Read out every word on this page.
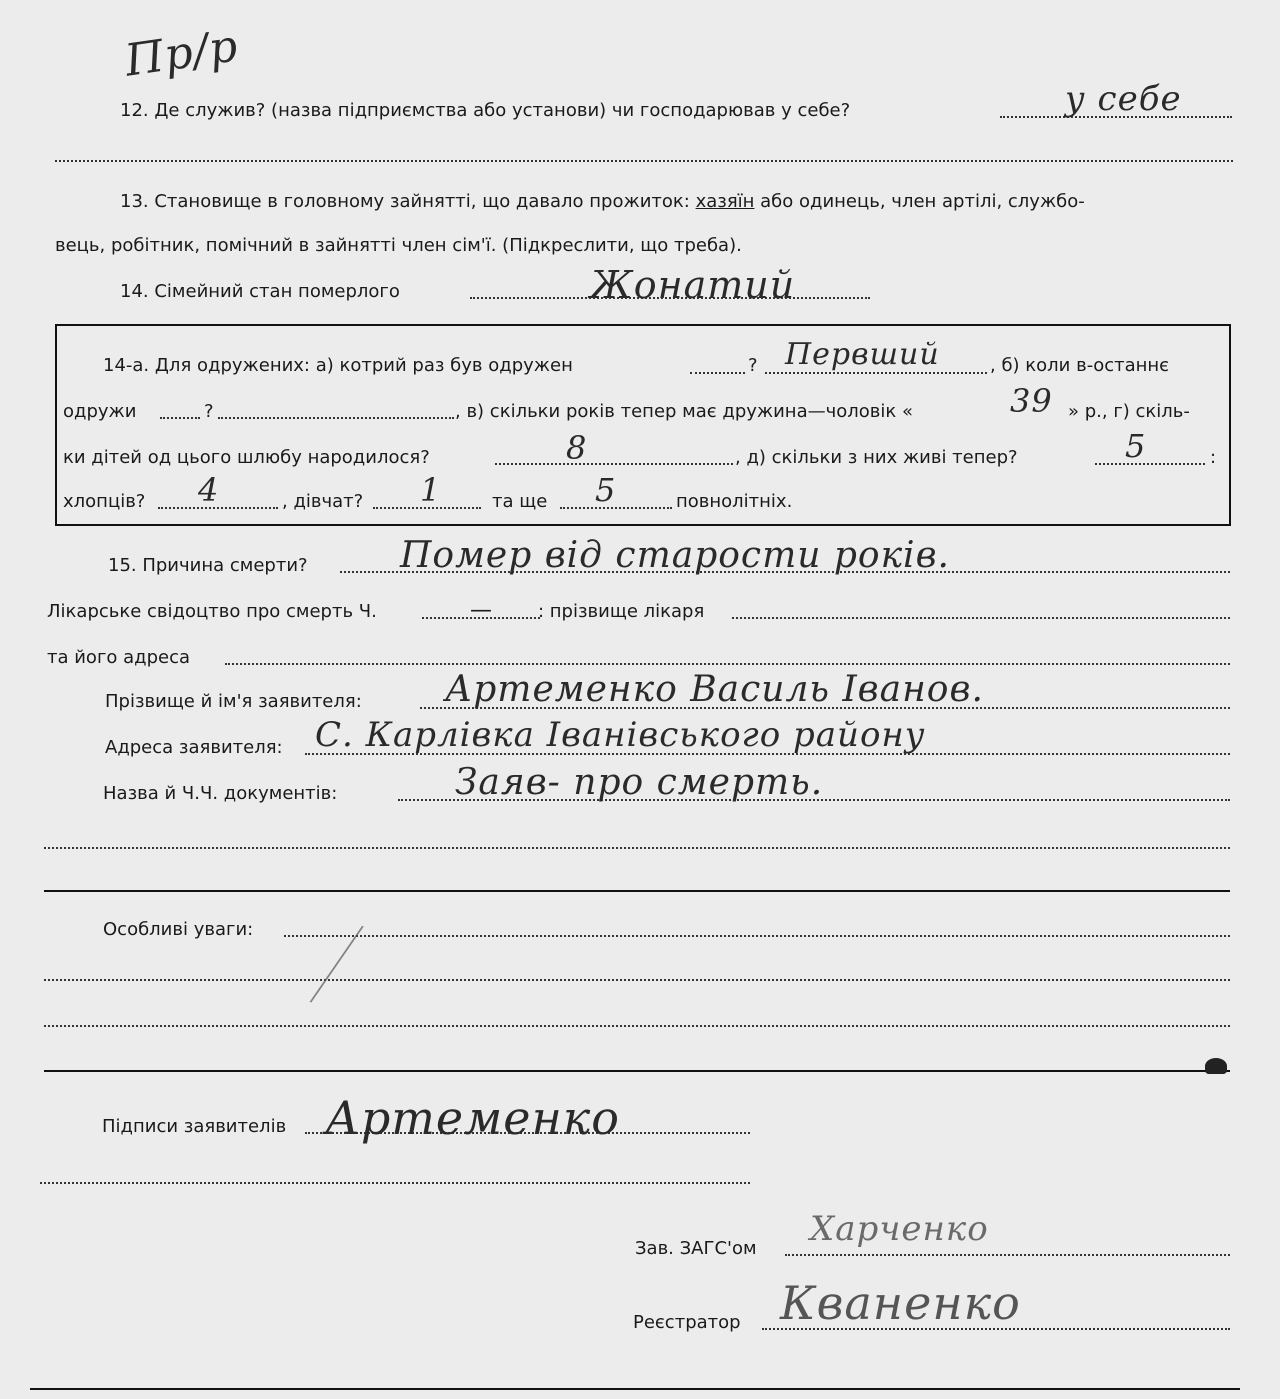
Пр/р
12. Де служив? (назва підприємства або установи) чи господарював у себе?	у себе
13. Становище в головному зайнятті, що давало прожиток: хазяїн або одинець, член артілі, службо-
вець, робітник, помічний в зайнятті член сім'ї. (Підкреслити, що треба).
14. Сімейний стан померлого	Жонатий
14-а. Для одружених: а) котрий раз був одружен	? Первший	, б) коли в-останнє
одружи	?	, в) скільки років тепер має дружина—чоловік «	39 » р., г) скіль-
ки дітей од цього шлюбу народилося?	8	, д) скільки з них живі тепер?	5	:
хлопців? 4	, дівчат? 1	та ще 5	повнолітніх.
15. Причина смерти?	Помер від старости років.
Лікарське свідоцтво про смерть Ч.	—	: прізвище лікаря
та його адреса
Прізвище й ім'я заявителя: Артеменко Василь Іванов.
Адреса заявителя: С. Карлівка Іванівського району
Назва й Ч.Ч. документів:	Заяв- про смерть.
Особливі уваги:
Підписи заявителів Артеменко
Зав. ЗАГС'ом Харченко
Реєстратор Кваненко
